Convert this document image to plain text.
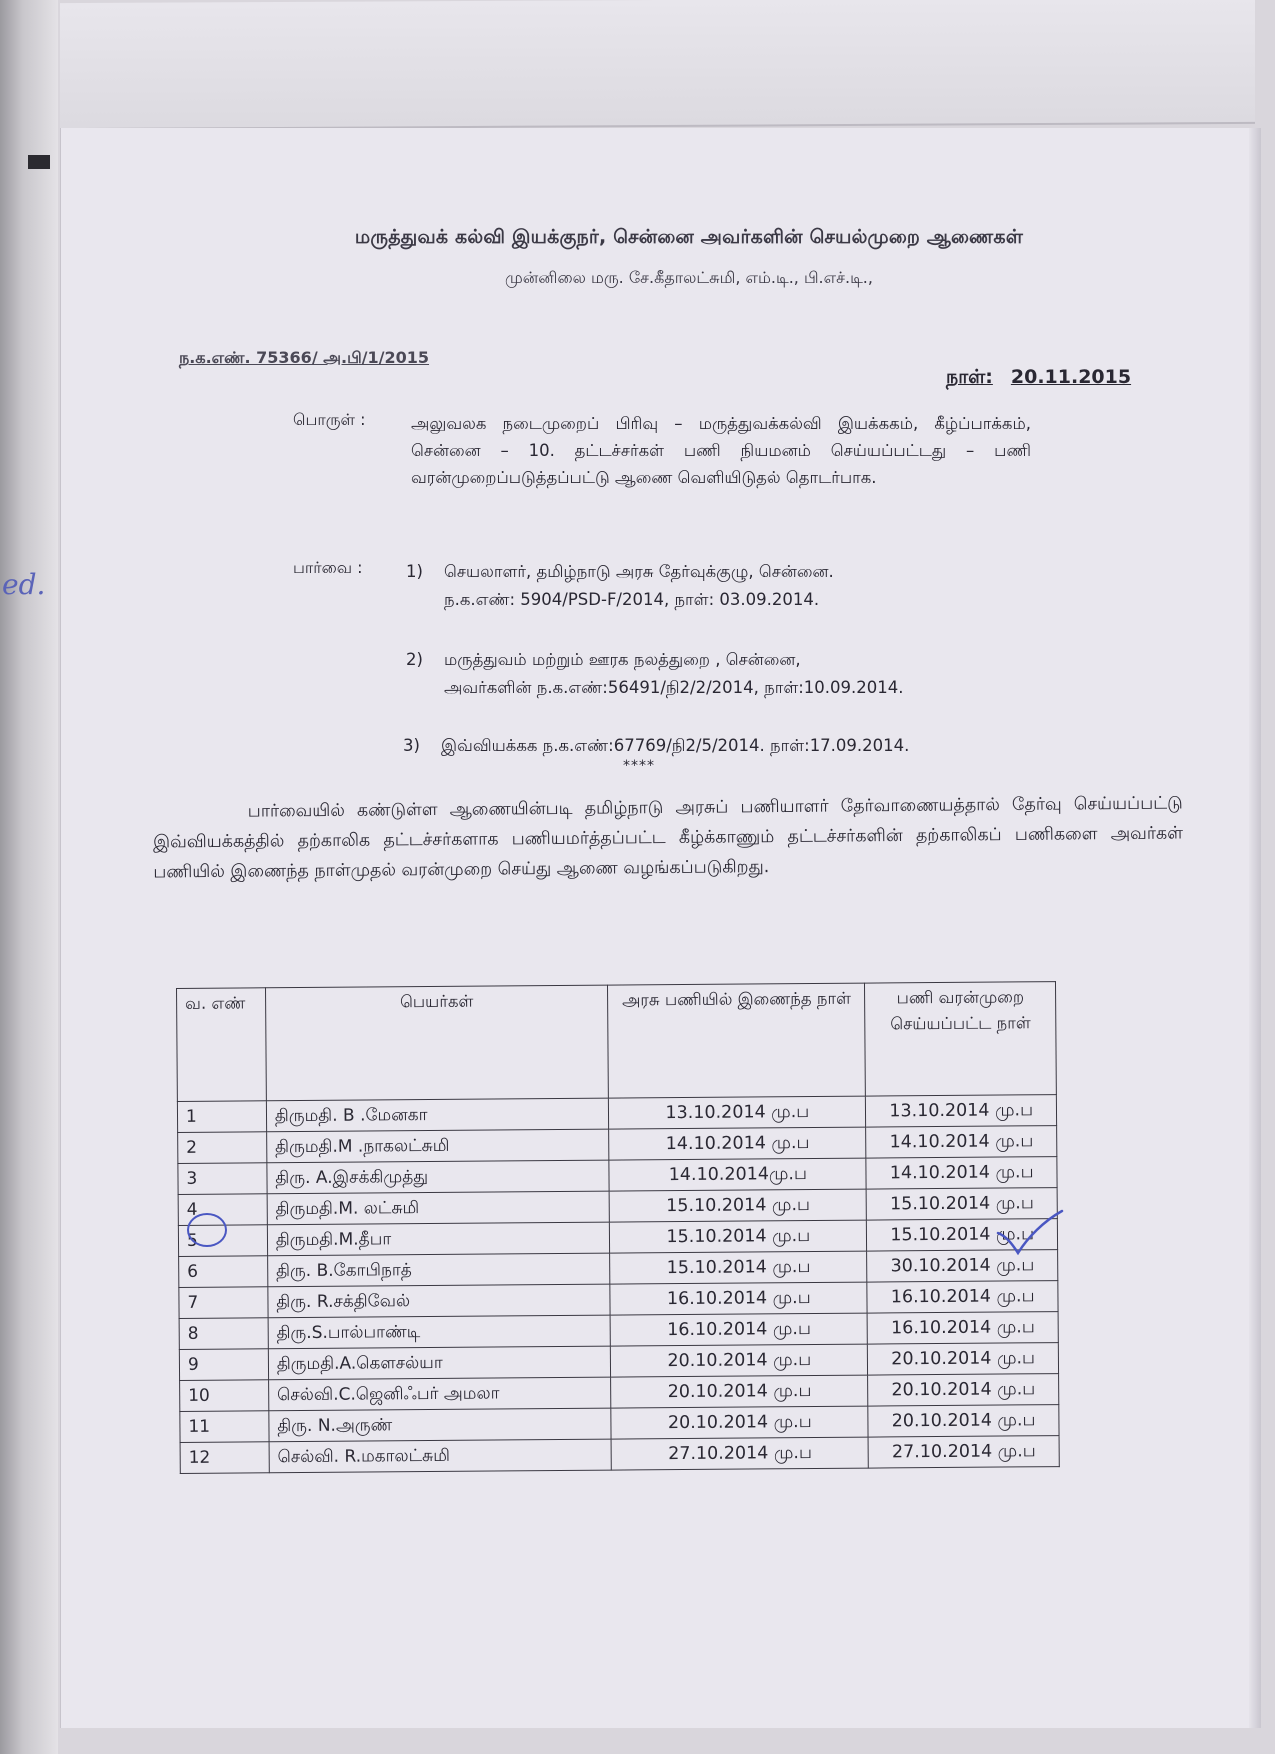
ed.
மருத்துவக் கல்வி இயக்குநர், சென்னை அவர்களின் செயல்முறை ஆணைகள்
முன்னிலை மரு. சே.கீதாலட்சுமி, எம்.டி., பி.எச்.டி.,
ந.க.எண். 75366/ அ.பி/1/2015
நாள்: 20.11.2015
பொருள் :	அலுவலக நடைமுறைப் பிரிவு – மருத்துவக்கல்வி இயக்ககம், கீழ்ப்பாக்கம், சென்னை – 10. தட்டச்சர்கள் பணி நியமனம் செய்யப்பட்டது – பணி வரன்முறைப்படுத்தப்பட்டு ஆணை வெளியிடுதல் தொடர்பாக.
பார்வை :	1) செயலாளர், தமிழ்நாடு அரசு தேர்வுக்குழு, சென்னை.
ந.க.எண்: 5904/PSD-F/2014, நாள்: 03.09.2014.
2) மருத்துவம் மற்றும் ஊரக நலத்துறை , சென்னை,
அவர்களின் ந.க.எண்:56491/நி2/2/2014, நாள்:10.09.2014.
3) இவ்வியக்கக ந.க.எண்:67769/நி2/5/2014. நாள்:17.09.2014.
****
பார்வையில் கண்டுள்ள ஆணையின்படி தமிழ்நாடு அரசுப் பணியாளர் தேர்வாணையத்தால் தேர்வு செய்யப்பட்டு இவ்வியக்கத்தில் தற்காலிக தட்டச்சர்களாக பணியமர்த்தப்பட்ட கீழ்க்காணும் தட்டச்சர்களின் தற்காலிகப் பணிகளை அவர்கள் பணியில் இணைந்த நாள்முதல் வரன்முறை செய்து ஆணை வழங்கப்படுகிறது.
வ. எண்	பெயர்கள்	அரசு பணியில் இணைந்த நாள்	பணி வரன்முறை செய்யப்பட்ட நாள்
1	திருமதி. B .மேனகா	13.10.2014 மு.ப	13.10.2014 மு.ப
2	திருமதி.M .நாகலட்சுமி	14.10.2014 மு.ப	14.10.2014 மு.ப
3	திரு. A.இசக்கிமுத்து	14.10.2014மு.ப	14.10.2014 மு.ப
4	திருமதி.M. லட்சுமி	15.10.2014 மு.ப	15.10.2014 மு.ப
5	திருமதி.M.தீபா	15.10.2014 மு.ப	15.10.2014 மு.ப
6	திரு. B.கோபிநாத்	15.10.2014 மு.ப	30.10.2014 மு.ப
7	திரு. R.சக்திவேல்	16.10.2014 மு.ப	16.10.2014 மு.ப
8	திரு.S.பால்பாண்டி	16.10.2014 மு.ப	16.10.2014 மு.ப
9	திருமதி.A.கௌசல்யா	20.10.2014 மு.ப	20.10.2014 மு.ப
10	செல்வி.C.ஜெனிஃபர் அமலா	20.10.2014 மு.ப	20.10.2014 மு.ப
11	திரு. N.அருண்	20.10.2014 மு.ப	20.10.2014 மு.ப
12	செல்வி. R.மகாலட்சுமி	27.10.2014 மு.ப	27.10.2014 மு.ப
